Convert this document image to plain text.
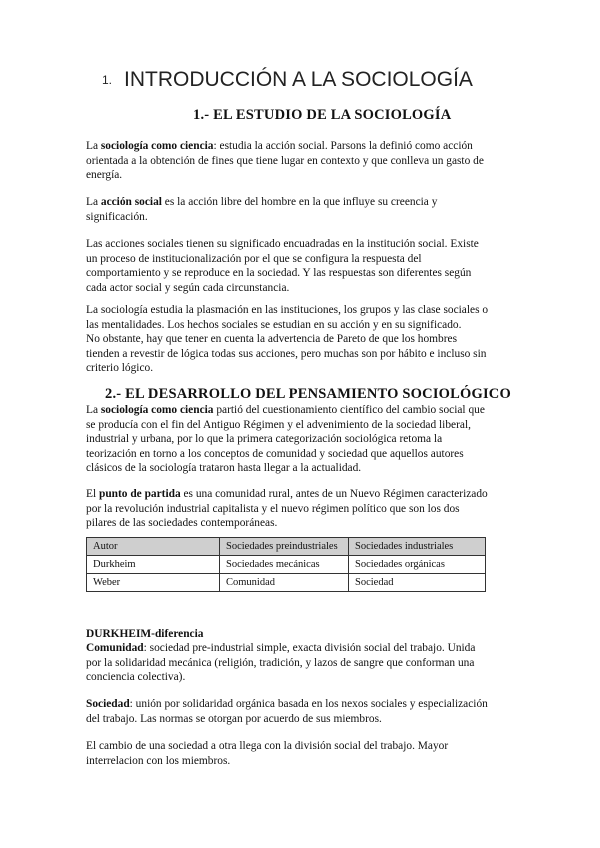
1. INTRODUCCIÓN A LA SOCIOLOGÍA
1.- EL ESTUDIO DE LA SOCIOLOGÍA
La sociología como ciencia: estudia la acción social. Parsons la definió como acción
orientada a la obtención de fines que tiene lugar en contexto y que conlleva un gasto de
energía.
La acción social es la acción libre del hombre en la que influye su creencia y
significación.
Las acciones sociales tienen su significado encuadradas en la institución social. Existe
un proceso de institucionalización por el que se configura la respuesta del
comportamiento y se reproduce en la sociedad. Y las respuestas son diferentes según
cada actor social y según cada circunstancia.
La sociología estudia la plasmación en las instituciones, los grupos y las clase sociales o
las mentalidades. Los hechos sociales se estudian en su acción y en su significado.
No obstante, hay que tener en cuenta la advertencia de Pareto de que los hombres
tienden a revestir de lógica todas sus acciones, pero muchas son por hábito e incluso sin
criterio lógico.
2.- EL DESARROLLO DEL PENSAMIENTO SOCIOLÓGICO
La sociología como ciencia partió del cuestionamiento científico del cambio social que
se producía con el fin del Antiguo Régimen y el advenimiento de la sociedad liberal,
industrial y urbana, por lo que la primera categorización sociológica retoma la
teorización en torno a los conceptos de comunidad y sociedad que aquellos autores
clásicos de la sociología trataron hasta llegar a la actualidad.
El punto de partida es una comunidad rural, antes de un Nuevo Régimen caracterizado
por la revolución industrial capitalista y el nuevo régimen político que son los dos
pilares de las sociedades contemporáneas.
Autor	Sociedades preindustriales	Sociedades industriales
Durkheim	Sociedades mecánicas	Sociedades orgánicas
Weber	Comunidad	Sociedad
DURKHEIM-diferencia
Comunidad: sociedad pre-industrial simple, exacta división social del trabajo. Unida
por la solidaridad mecánica (religión, tradición, y lazos de sangre que conforman una
conciencia colectiva).
Sociedad: unión por solidaridad orgánica basada en los nexos sociales y especialización
del trabajo. Las normas se otorgan por acuerdo de sus miembros.
El cambio de una sociedad a otra llega con la división social del trabajo. Mayor
interrelacion con los miembros.
